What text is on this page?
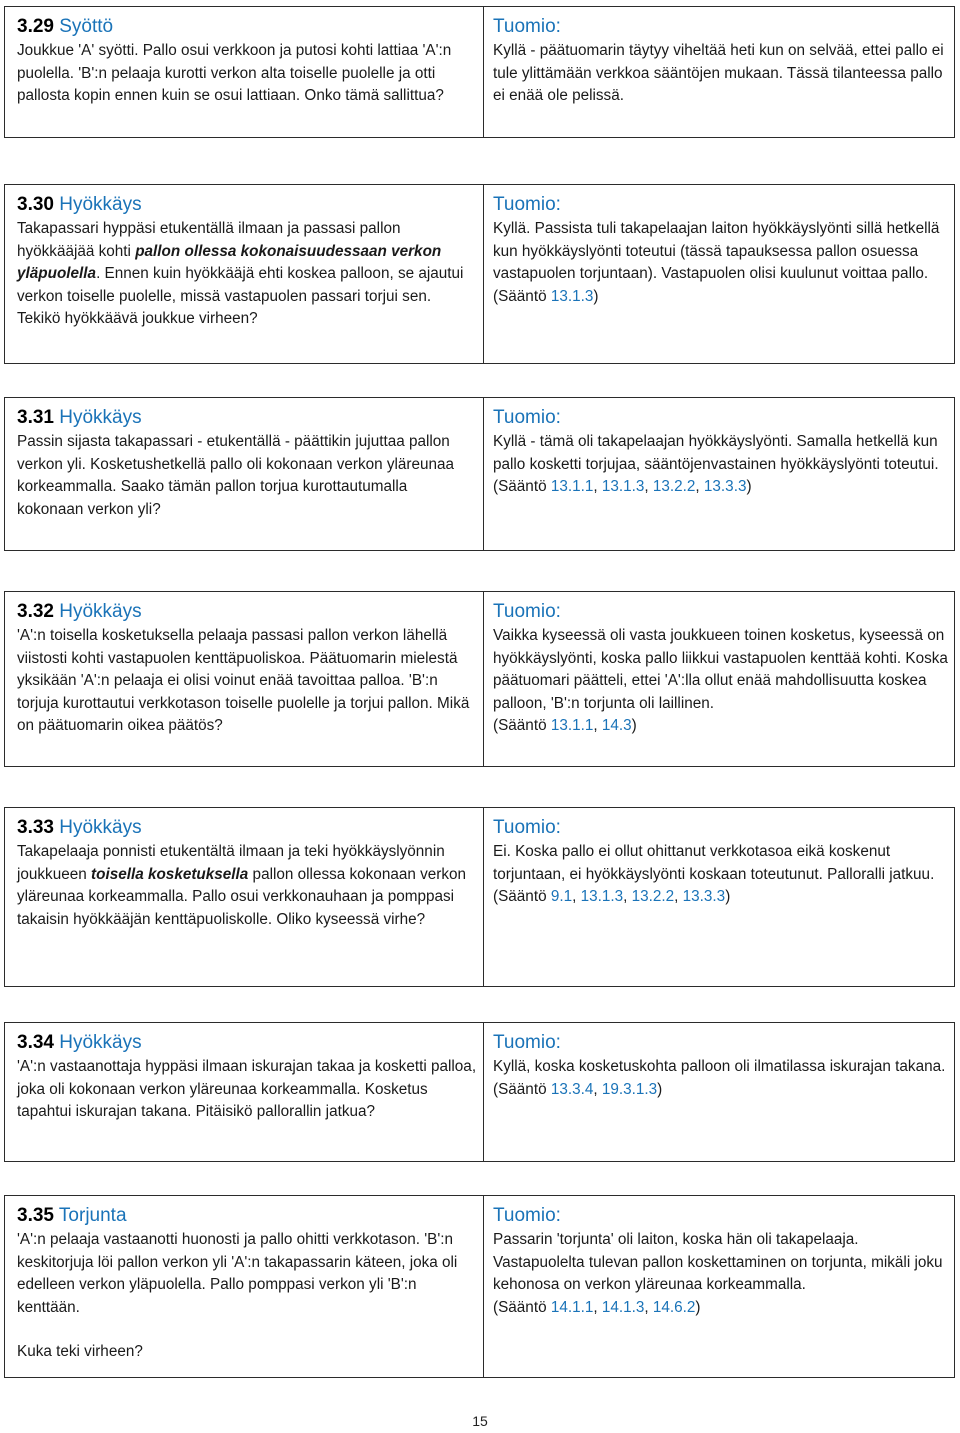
3.29 Syöttö

Joukkue 'A' syötti. Pallo osui verkkoon ja putosi kohti lattiaa 'A':n puolella. 'B':n pelaaja kurotti verkon alta toiselle puolelle ja otti pallosta kopin ennen kuin se osui lattiaan. Onko tämä sallittua?

Tuomio:

Kyllä - päätuomarin täytyy viheltää heti kun on selvää, ettei pallo ei tule ylittämään verkkoa sääntöjen mukaan. Tässä tilanteessa pallo ei enää ole pelissä.

3.30 Hyökkäys

Takapassari hyppäsi etukentällä ilmaan ja passasi pallon hyökkääjää kohti pallon ollessa kokonaisuudessaan verkon yläpuolella. Ennen kuin hyökkääjä ehti koskea palloon, se ajautui verkon toiselle puolelle, missä vastapuolen passari torjui sen. Tekikö hyökkäävä joukkue virheen?

Tuomio:

Kyllä. Passista tuli takapelaajan laiton hyökkäyslyönti sillä hetkellä kun hyökkäyslyönti toteutui (tässä tapauksessa pallon osuessa vastapuolen torjuntaan). Vastapuolen olisi kuulunut voittaa pallo.

(Sääntö 13.1.3)

3.31 Hyökkäys

Passin sijasta takapassari - etukentällä - päättikin jujuttaa pallon verkon yli. Kosketushetkellä pallo oli kokonaan verkon yläreunaa korkeammalla. Saako tämän pallon torjua kurottautumalla kokonaan verkon yli?

Tuomio:

Kyllä - tämä oli takapelaajan hyökkäyslyönti. Samalla hetkellä kun pallo kosketti torjujaa, sääntöjenvastainen hyökkäyslyönti toteutui.

(Sääntö 13.1.1, 13.1.3, 13.2.2, 13.3.3)

3.32 Hyökkäys

'A':n toisella kosketuksella pelaaja passasi pallon verkon lähellä viistosti kohti vastapuolen kenttäpuoliskoa. Päätuomarin mielestä yksikään 'A':n pelaaja ei olisi voinut enää tavoittaa palloa. 'B':n torjuja kurottautui verkkotason toiselle puolelle ja torjui pallon. Mikä on päätuomarin oikea päätös?

Tuomio:

Vaikka kyseessä oli vasta joukkueen toinen kosketus, kyseessä on hyökkäyslyönti, koska pallo liikkui vastapuolen kenttää kohti. Koska päätuomari päätteli, ettei 'A':lla ollut enää mahdollisuutta koskea palloon, 'B':n torjunta oli laillinen.

(Sääntö 13.1.1, 14.3)

3.33 Hyökkäys

Takapelaaja ponnisti etukentältä ilmaan ja teki hyökkäyslyönnin joukkueen toisella kosketuksella pallon ollessa kokonaan verkon yläreunaa korkeammalla. Pallo osui verkkonauhaan ja pomppasi takaisin hyökkääjän kenttäpuoliskolle. Oliko kyseessä virhe?

Tuomio:

Ei. Koska pallo ei ollut ohittanut verkkotasoa eikä koskenut torjuntaan, ei hyökkäyslyönti koskaan toteutunut. Palloralli jatkuu.

(Sääntö 9.1, 13.1.3, 13.2.2, 13.3.3)

3.34 Hyökkäys

'A':n vastaanottaja hyppäsi ilmaan iskurajan takaa ja kosketti palloa, joka oli kokonaan verkon yläreunaa korkeammalla. Kosketus tapahtui iskurajan takana. Pitäisikö pallorallin jatkua?

Tuomio:

Kyllä, koska kosketuskohta palloon oli ilmatilassa iskurajan takana.

(Sääntö 13.3.4, 19.3.1.3)

3.35 Torjunta

'A':n pelaaja vastaanotti huonosti ja pallo ohitti verkkotason. 'B':n keskitorjuja löi pallon verkon yli 'A':n takapassarin käteen, joka oli edelleen verkon yläpuolella. Pallo pomppasi verkon yli 'B':n kenttään.

Kuka teki virheen?

Tuomio:

Passarin 'torjunta' oli laiton, koska hän oli takapelaaja. Vastapuolelta tulevan pallon koskettaminen on torjunta, mikäli joku kehonosa on verkon yläreunaa korkeammalla.

(Sääntö 14.1.1, 14.1.3, 14.6.2)

15
